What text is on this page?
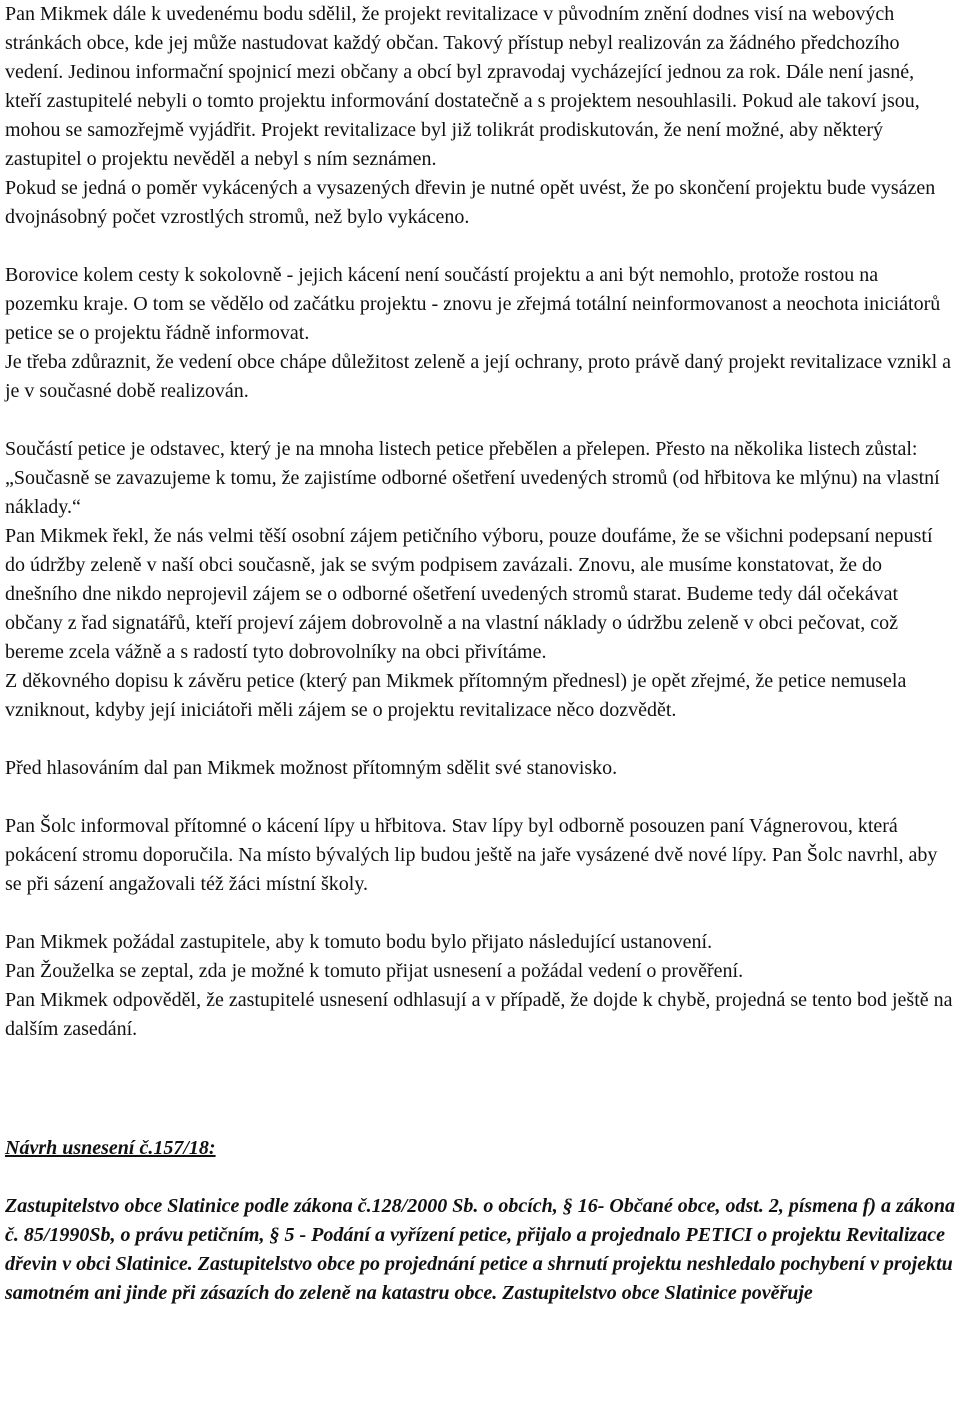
Pan Mikmek dále k uvedenému bodu sdělil, že projekt revitalizace v původním znění dodnes visí na webových stránkách obce, kde jej může nastudovat každý občan. Takový přístup nebyl realizován za žádného předchozího vedení. Jedinou informační spojnicí mezi občany a obcí byl zpravodaj vycházející jednou za rok. Dále není jasné, kteří zastupitelé nebyli o tomto projektu informování dostatečně a s projektem nesouhlasili. Pokud ale takoví jsou, mohou se samozřejmě vyjádřit. Projekt revitalizace byl již tolikrát prodiskutován, že není možné, aby některý zastupitel o projektu nevěděl a nebyl s ním seznámen.

Pokud se jedná o poměr vykácených a vysazených dřevin je nutné opět uvést, že po skončení projektu bude vysázen dvojnásobný počet vzrostlých stromů, než bylo vykáceno.

Borovice kolem cesty k sokolovně - jejich kácení není součástí projektu a ani být nemohlo, protože rostou na pozemku kraje. O tom se vědělo od začátku projektu - znovu je zřejmá totální neinformovanost a neochota iniciátorů petice se o projektu řádně informovat.

Je třeba zdůraznit, že vedení obce chápe důležitost zeleně a její ochrany, proto právě daný projekt revitalizace vznikl a je v současné době realizován.

Součástí petice je odstavec, který je na mnoha listech petice přebělen a přelepen. Přesto na několika listech zůstal: „Současně se zavazujeme k tomu, že zajistíme odborné ošetření uvedených stromů (od hřbitova ke mlýnu) na vlastní náklady.“

Pan Mikmek řekl, že nás velmi těší osobní zájem petičního výboru, pouze doufáme, že se všichni podepsaní nepustí do údržby zeleně v naší obci současně, jak se svým podpisem zavázali. Znovu, ale musíme konstatovat, že do dnešního dne nikdo neprojevil zájem se o odborné ošetření uvedených stromů starat. Budeme tedy dál očekávat občany z řad signatářů, kteří projeví zájem dobrovolně a na vlastní náklady o údržbu zeleně v obci pečovat, což bereme zcela vážně a s radostí tyto dobrovolníky na obci přivítáme.

Z děkovného dopisu k závěru petice (který pan Mikmek přítomným přednesl) je opět zřejmé, že petice nemusela vzniknout, kdyby její iniciátoři měli zájem se o projektu revitalizace něco dozvědět.

Před hlasováním dal pan Mikmek možnost přítomným sdělit své stanovisko.

Pan Šolc informoval přítomné o kácení lípy u hřbitova. Stav lípy byl odborně posouzen paní Vágnerovou, která pokácení stromu doporučila. Na místo bývalých lip budou ještě na jaře vysázené dvě nové lípy. Pan Šolc navrhl, aby se při sázení angažovali též žáci místní školy.

Pan Mikmek požádal zastupitele, aby k tomuto bodu bylo přijato následující ustanovení.

Pan Žouželka se zeptal, zda je možné k tomuto přijat usnesení a požádal vedení o prověření.

Pan Mikmek odpověděl, že zastupitelé usnesení odhlasují a v případě, že dojde k chybě, projedná se tento bod ještě na dalším zasedání.

Návrh usnesení č.157/18:

Zastupitelstvo obce Slatinice podle zákona č.128/2000 Sb. o obcích, § 16- Občané obce, odst. 2, písmena f) a zákona č. 85/1990Sb, o právu petičním, § 5 - Podání a vyřízení petice, přijalo a projednalo PETICI o projektu Revitalizace dřevin v obci Slatinice. Zastupitelstvo obce po projednání petice a shrnutí projektu neshledalo pochybení v projektu samotném ani jinde při zásazích do zeleně na katastru obce. Zastupitelstvo obce Slatinice pověřuje
